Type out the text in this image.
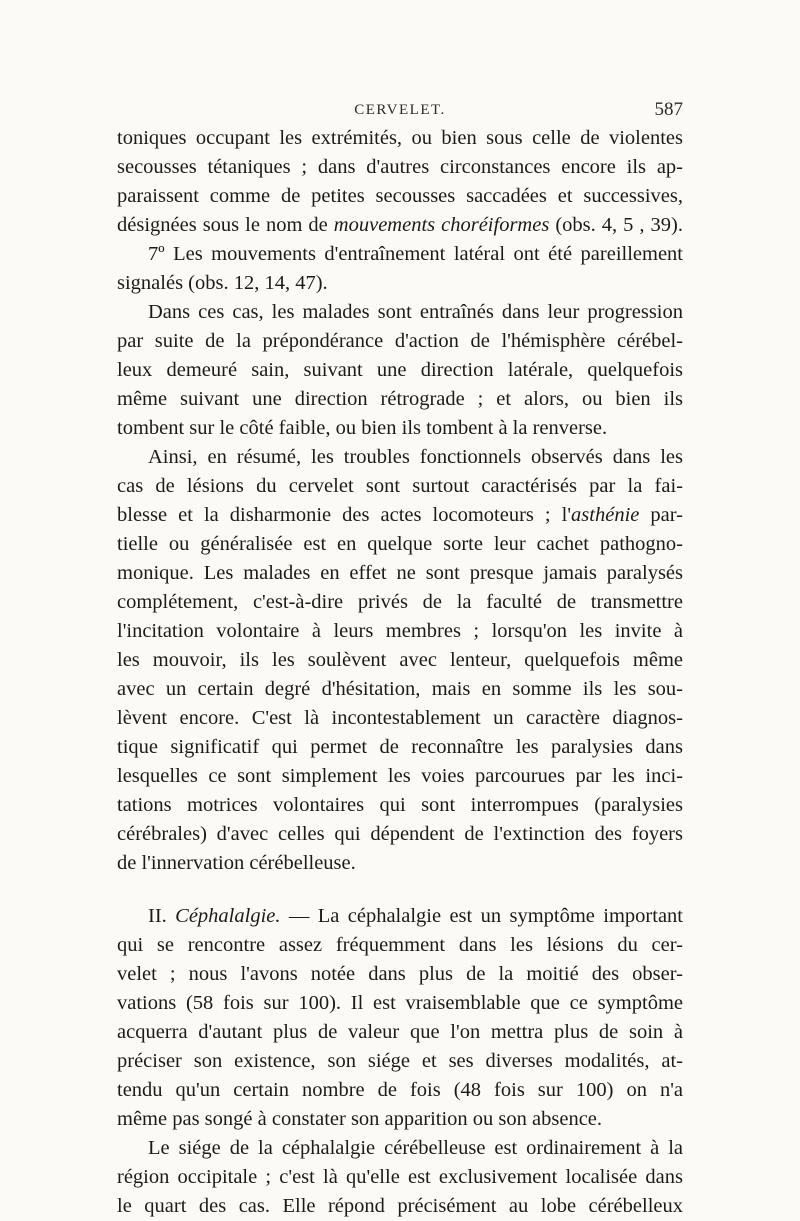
CERVELET.	587
toniques occupant les extrémités, ou bien sous celle de violentes
secousses tétaniques ; dans d'autres circonstances encore ils ap-
paraissent comme de petites secousses saccadées et successives,
désignées sous le nom de mouvements choréiformes (obs. 4, 5 , 39).
7º Les mouvements d'entraînement latéral ont été pareillement
signalés (obs. 12, 14, 47).
Dans ces cas, les malades sont entraînés dans leur progression
par suite de la prépondérance d'action de l'hémisphère cérébel-
leux demeuré sain, suivant une direction latérale, quelquefois
même suivant une direction rétrograde ; et alors, ou bien ils
tombent sur le côté faible, ou bien ils tombent à la renverse.
Ainsi, en résumé, les troubles fonctionnels observés dans les
cas de lésions du cervelet sont surtout caractérisés par la fai-
blesse et la disharmonie des actes locomoteurs ; l'asthénie par-
tielle ou généralisée est en quelque sorte leur cachet pathogno-
monique. Les malades en effet ne sont presque jamais paralysés
complétement, c'est-à-dire privés de la faculté de transmettre
l'incitation volontaire à leurs membres ; lorsqu'on les invite à
les mouvoir, ils les soulèvent avec lenteur, quelquefois même
avec un certain degré d'hésitation, mais en somme ils les sou-
lèvent encore. C'est là incontestablement un caractère diagnos-
tique significatif qui permet de reconnaître les paralysies dans
lesquelles ce sont simplement les voies parcourues par les inci-
tations motrices volontaires qui sont interrompues (paralysies
cérébrales) d'avec celles qui dépendent de l'extinction des foyers
de l'innervation cérébelleuse.
II. Céphalalgie. — La céphalalgie est un symptôme important
qui se rencontre assez fréquemment dans les lésions du cer-
velet ; nous l'avons notée dans plus de la moitié des obser-
vations (58 fois sur 100). Il est vraisemblable que ce symptôme
acquerra d'autant plus de valeur que l'on mettra plus de soin à
préciser son existence, son siége et ses diverses modalités, at-
tendu qu'un certain nombre de fois (48 fois sur 100) on n'a
même pas songé à constater son apparition ou son absence.
Le siége de la céphalalgie cérébelleuse est ordinairement à la
région occipitale ; c'est là qu'elle est exclusivement localisée dans
le quart des cas. Elle répond précisément au lobe cérébelleux
